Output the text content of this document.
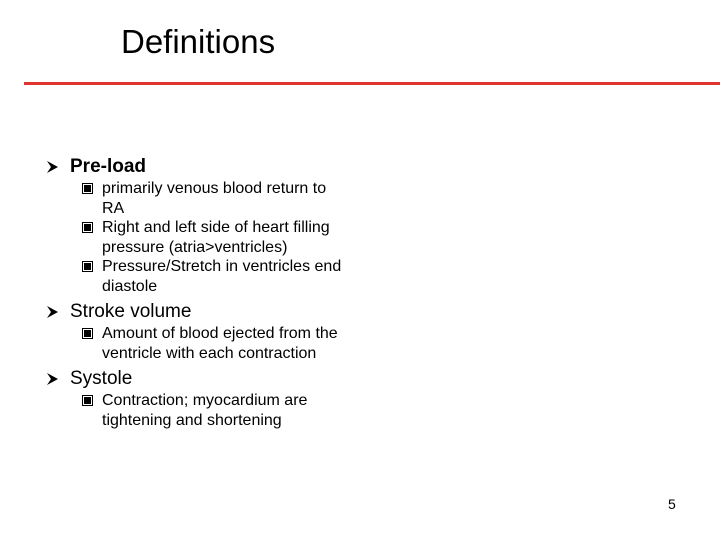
Definitions
Pre-load
primarily venous blood return to RA
Right and left side of heart filling pressure (atria>ventricles)
Pressure/Stretch in ventricles end diastole
Stroke volume
Amount of blood ejected from the ventricle with each contraction
Systole
Contraction; myocardium are tightening and shortening
5
